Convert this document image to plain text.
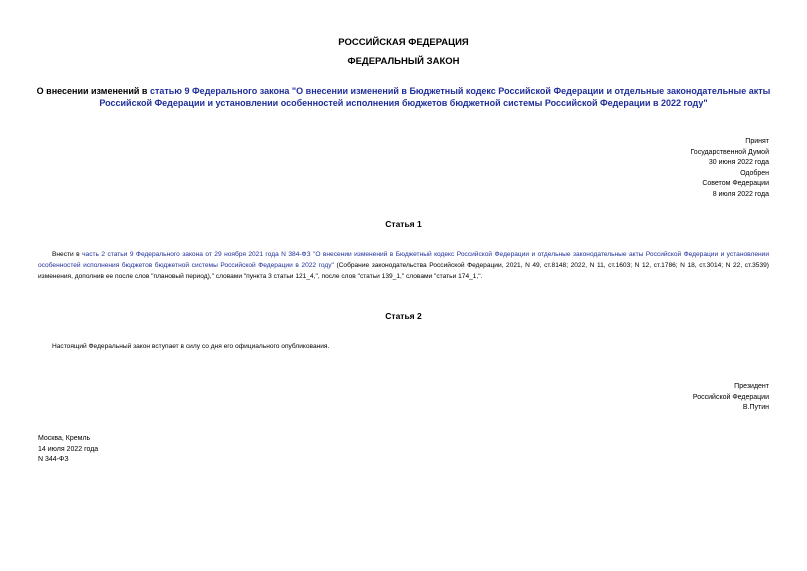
РОССИЙСКАЯ ФЕДЕРАЦИЯ
ФЕДЕРАЛЬНЫЙ ЗАКОН
О внесении изменений в статью 9 Федерального закона "О внесении изменений в Бюджетный кодекс Российской Федерации и отдельные законодательные акты Российской Федерации и установлении особенностей исполнения бюджетов бюджетной системы Российской Федерации в 2022 году"
Принят
Государственной Думой
30 июня 2022 года
Одобрен
Советом Федерации
8 июля 2022 года
Статья 1
Внести в часть 2 статьи 9 Федерального закона от 29 ноября 2021 года N 384-ФЗ "О внесении изменений в Бюджетный кодекс Российской Федерации и отдельные законодательные акты Российской Федерации и установлении особенностей исполнения бюджетов бюджетной системы Российской Федерации в 2022 году" (Собрание законодательства Российской Федерации, 2021, N 49, ст.8148; 2022, N 11, ст.1603; N 12, ст.1786; N 18, ст.3014; N 22, ст.3539) изменения, дополнив ее после слов "плановый период)," словами "пункта 3 статьи 121_4,", после слов "статьи 139_1," словами "статьи 174_1,".
Статья 2
Настоящий Федеральный закон вступает в силу со дня его официального опубликования.
Президент
Российской Федерации
В.Путин
Москва, Кремль
14 июля 2022 года
N 344-ФЗ
